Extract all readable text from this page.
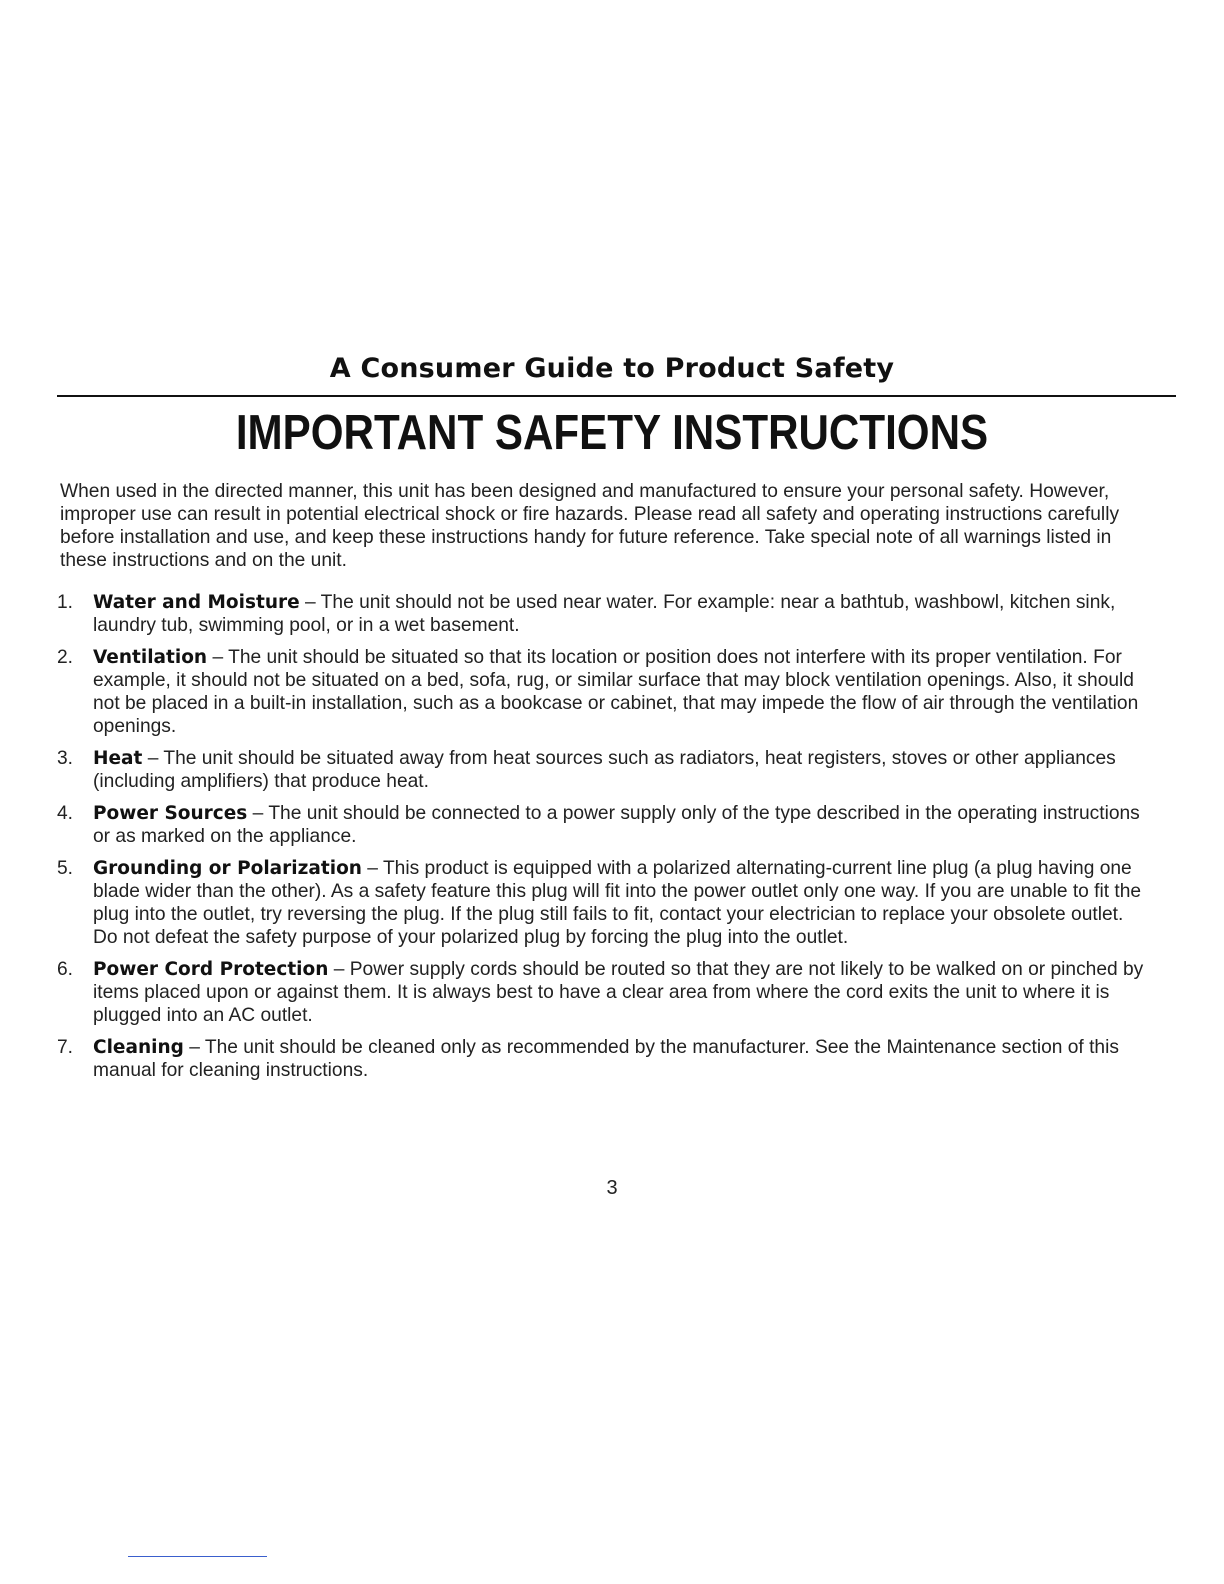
A Consumer Guide to Product Safety
IMPORTANT SAFETY INSTRUCTIONS

When used in the directed manner, this unit has been designed and manufactured to ensure your personal safety. However, improper use can result in potential electrical shock or fire hazards. Please read all safety and operating instructions carefully before installation and use, and keep these instructions handy for future reference. Take special note of all warnings listed in these instructions and on the unit.

1. Water and Moisture – The unit should not be used near water. For example: near a bathtub, washbowl, kitchen sink, laundry tub, swimming pool, or in a wet basement.
2. Ventilation – The unit should be situated so that its location or position does not interfere with its proper ventilation. For example, it should not be situated on a bed, sofa, rug, or similar surface that may block ventilation openings. Also, it should not be placed in a built-in installation, such as a bookcase or cabinet, that may impede the flow of air through the ventilation openings.
3. Heat – The unit should be situated away from heat sources such as radiators, heat registers, stoves or other appliances (including amplifiers) that produce heat.
4. Power Sources – The unit should be connected to a power supply only of the type described in the operating instructions or as marked on the appliance.
5. Grounding or Polarization – This product is equipped with a polarized alternating-current line plug (a plug having one blade wider than the other). As a safety feature this plug will fit into the power outlet only one way. If you are unable to fit the plug into the outlet, try reversing the plug. If the plug still fails to fit, contact your electrician to replace your obsolete outlet. Do not defeat the safety purpose of your polarized plug by forcing the plug into the outlet.
6. Power Cord Protection – Power supply cords should be routed so that they are not likely to be walked on or pinched by items placed upon or against them. It is always best to have a clear area from where the cord exits the unit to where it is plugged into an AC outlet.
7. Cleaning – The unit should be cleaned only as recommended by the manufacturer. See the Maintenance section of this manual for cleaning instructions.
3
